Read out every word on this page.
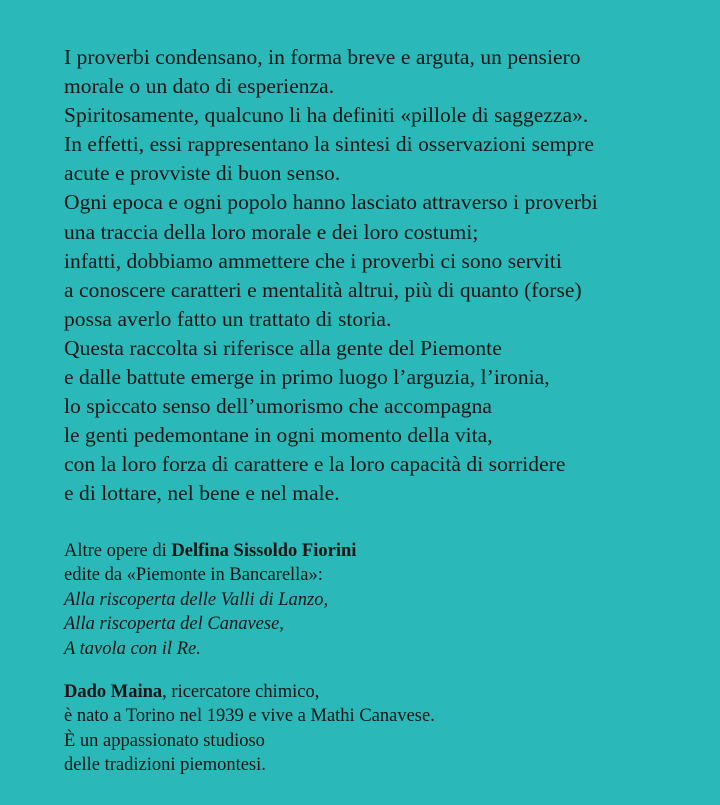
I proverbi condensano, in forma breve e arguta, un pensiero
morale o un dato di esperienza.
Spiritosamente, qualcuno li ha definiti «pillole di saggezza».
In effetti, essi rappresentano la sintesi di osservazioni sempre
acute e provviste di buon senso.
Ogni epoca e ogni popolo hanno lasciato attraverso i proverbi
una traccia della loro morale e dei loro costumi;
infatti, dobbiamo ammettere che i proverbi ci sono serviti
a conoscere caratteri e mentalità altrui, più di quanto (forse)
possa averlo fatto un trattato di storia.
Questa raccolta si riferisce alla gente del Piemonte
e dalle battute emerge in primo luogo l’arguzia, l’ironia,
lo spiccato senso dell’umorismo che accompagna
le genti pedemontane in ogni momento della vita,
con la loro forza di carattere e la loro capacità di sorridere
e di lottare, nel bene e nel male.
Altre opere di Delfina Sissoldo Fiorini
edite da «Piemonte in Bancarella»:
Alla riscoperta delle Valli di Lanzo,
Alla riscoperta del Canavese,
A tavola con il Re.
Dado Maina, ricercatore chimico,
è nato a Torino nel 1939 e vive a Mathi Canavese.
È un appassionato studioso
delle tradizioni piemontesi.
